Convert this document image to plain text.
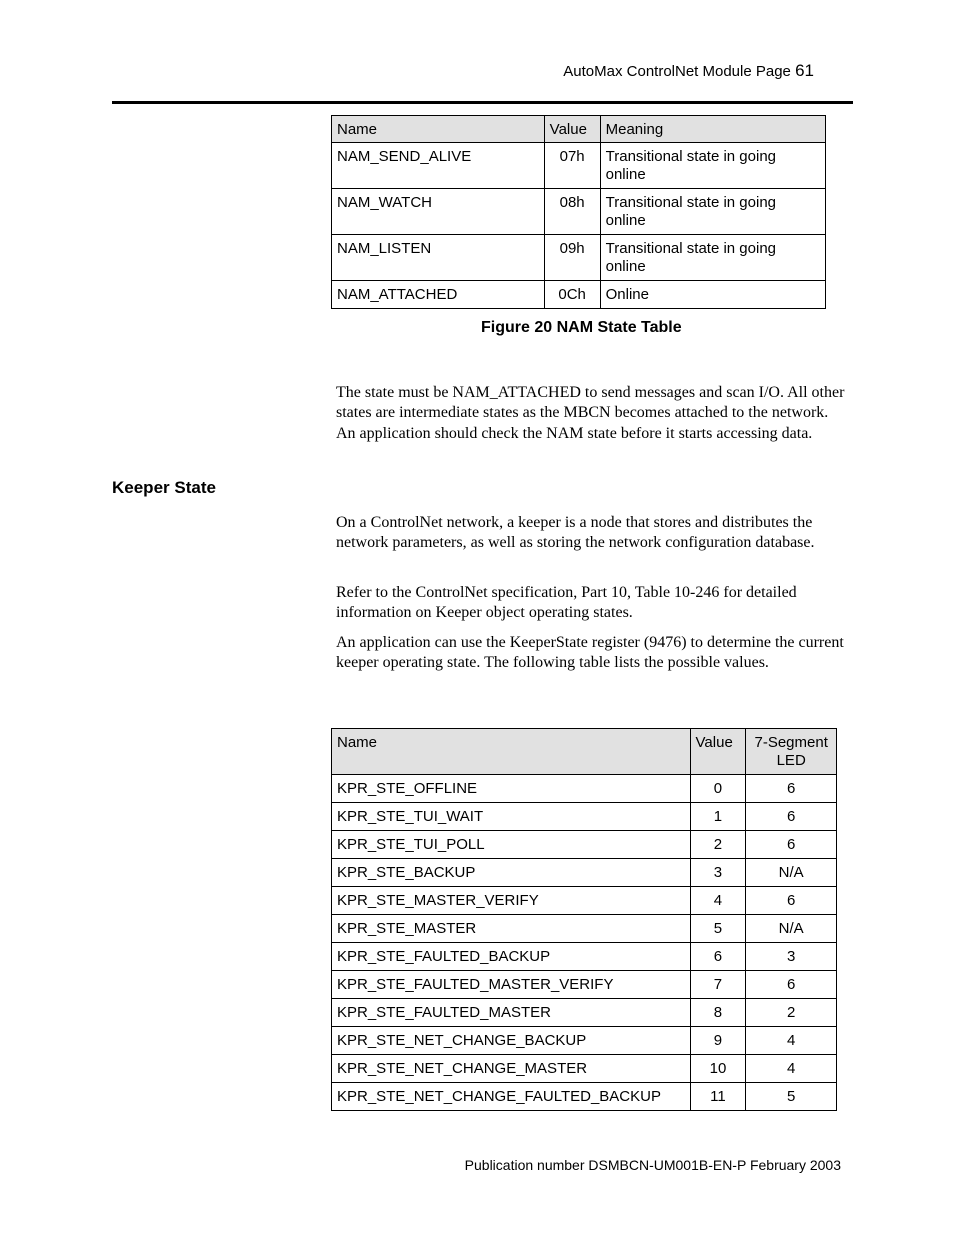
AutoMax ControlNet Module Page 61
Name	Value	Meaning
NAM_SEND_ALIVE	07h	Transitional state in going online
NAM_WATCH	08h	Transitional state in going online
NAM_LISTEN	09h	Transitional state in going online
NAM_ATTACHED	0Ch	Online
Figure 20 NAM State Table

The state must be NAM_ATTACHED to send messages and scan I/O. All other states are intermediate states as the MBCN becomes attached to the network. An application should check the NAM state before it starts accessing data.

Keeper State

On a ControlNet network, a keeper is a node that stores and distributes the network parameters, as well as storing the network configuration database.

Refer to the ControlNet specification, Part 10, Table 10-246 for detailed information on Keeper object operating states.

An application can use the KeeperState register (9476) to determine the current keeper operating state. The following table lists the possible values.

Name	Value	7-Segment LED
KPR_STE_OFFLINE	0	6
KPR_STE_TUI_WAIT	1	6
KPR_STE_TUI_POLL	2	6
KPR_STE_BACKUP	3	N/A
KPR_STE_MASTER_VERIFY	4	6
KPR_STE_MASTER	5	N/A
KPR_STE_FAULTED_BACKUP	6	3
KPR_STE_FAULTED_MASTER_VERIFY	7	6
KPR_STE_FAULTED_MASTER	8	2
KPR_STE_NET_CHANGE_BACKUP	9	4
KPR_STE_NET_CHANGE_MASTER	10	4
KPR_STE_NET_CHANGE_FAULTED_BACKUP	11	5
Publication number DSMBCN-UM001B-EN-P February 2003
